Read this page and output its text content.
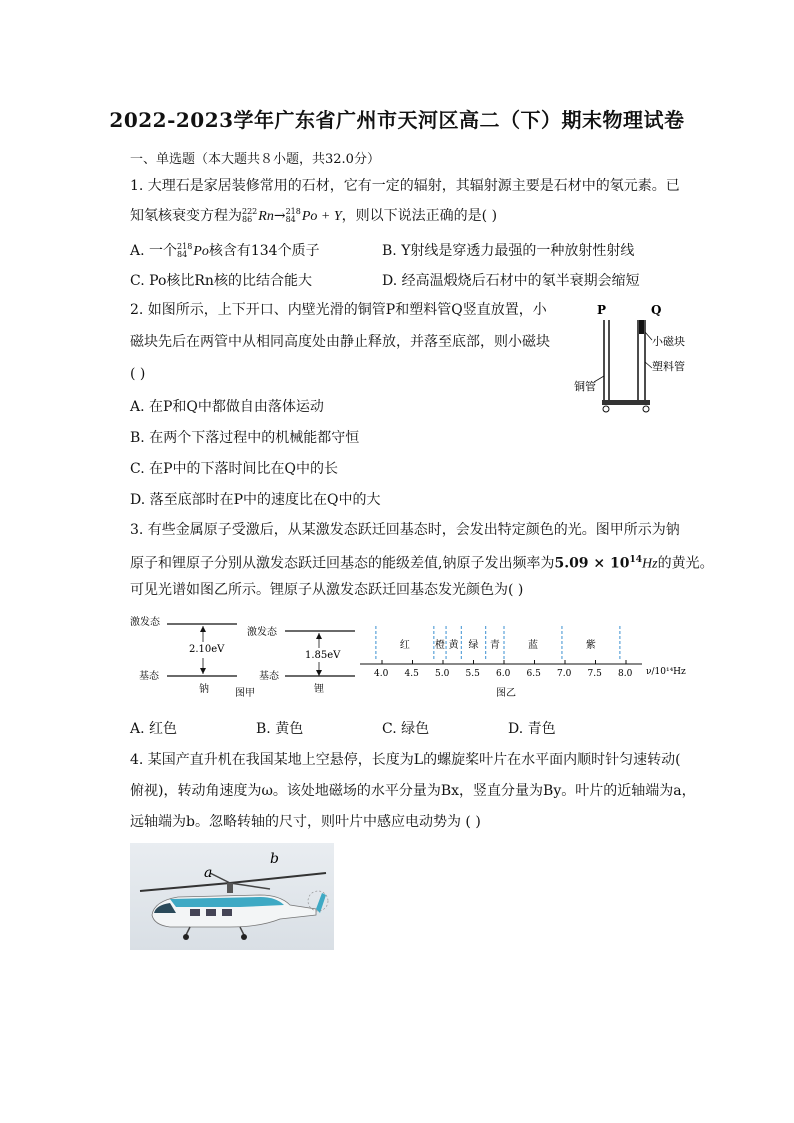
2022-2023学年广东省广州市天河区高二（下）期末物理试卷
一、单选题（本大题共８小题，共32.0分）
1. 大理石是家居装修常用的石材，它有一定的辐射，其辐射源主要是石材中的氡元素。已
知氡核衰变方程为 222
86 Rn→ 218
84 Po + Y，则以下说法正确的是( )
A. 一个 218
84 Po核含有134个质子	B. Y射线是穿透力最强的一种放射性射线
C. Po核比Rn核的比结合能大	D. 经高温煅烧后石材中的氡半衰期会缩短
2. 如图所示，上下开口、内壁光滑的铜管P和塑料管Q竖直放置，小
磁块先后在两管中从相同高度处由静止释放，并落至底部，则小磁块
( )
A. 在P和Q中都做自由落体运动
B. 在两个下落过程中的机械能都守恒
C. 在P中的下落时间比在Q中的长
D. 落至底部时在P中的速度比在Q中的大
P	Q
小磁块
塑料管
铜管
3. 有些金属原子受激后，从某激发态跃迁回基态时，会发出特定颜色的光。图甲所示为钠
原子和锂原子分别从激发态跃迁回基态的能级差值,钠原子发出频率为$5.09 \times 10^{14}Hz$的黄光。
可见光谱如图乙所示。锂原子从激发态跃迁回基态发光颜色为( )
激发态
2.10eV
基态
钠
激发态
1.85eV
基态
锂
图甲
红	橙 黄 绿 青	蓝	紫
4.0 4.5 5.0 5.5 6.0 6.5 7.0 7.5 8.0 ν/10¹⁴Hz
图乙
A. 红色	B. 黄色	C. 绿色	D. 青色
4. 某国产直升机在我国某地上空悬停，长度为L的螺旋桨叶片在水平面内顺时针匀速转动(
俯视)，转动角速度为ω。该处地磁场的水平分量为Bx，竖直分量为By。叶片的近轴端为a，
远轴端为b。忽略转轴的尺寸，则叶片中感应电动势为 ( )
a
b
